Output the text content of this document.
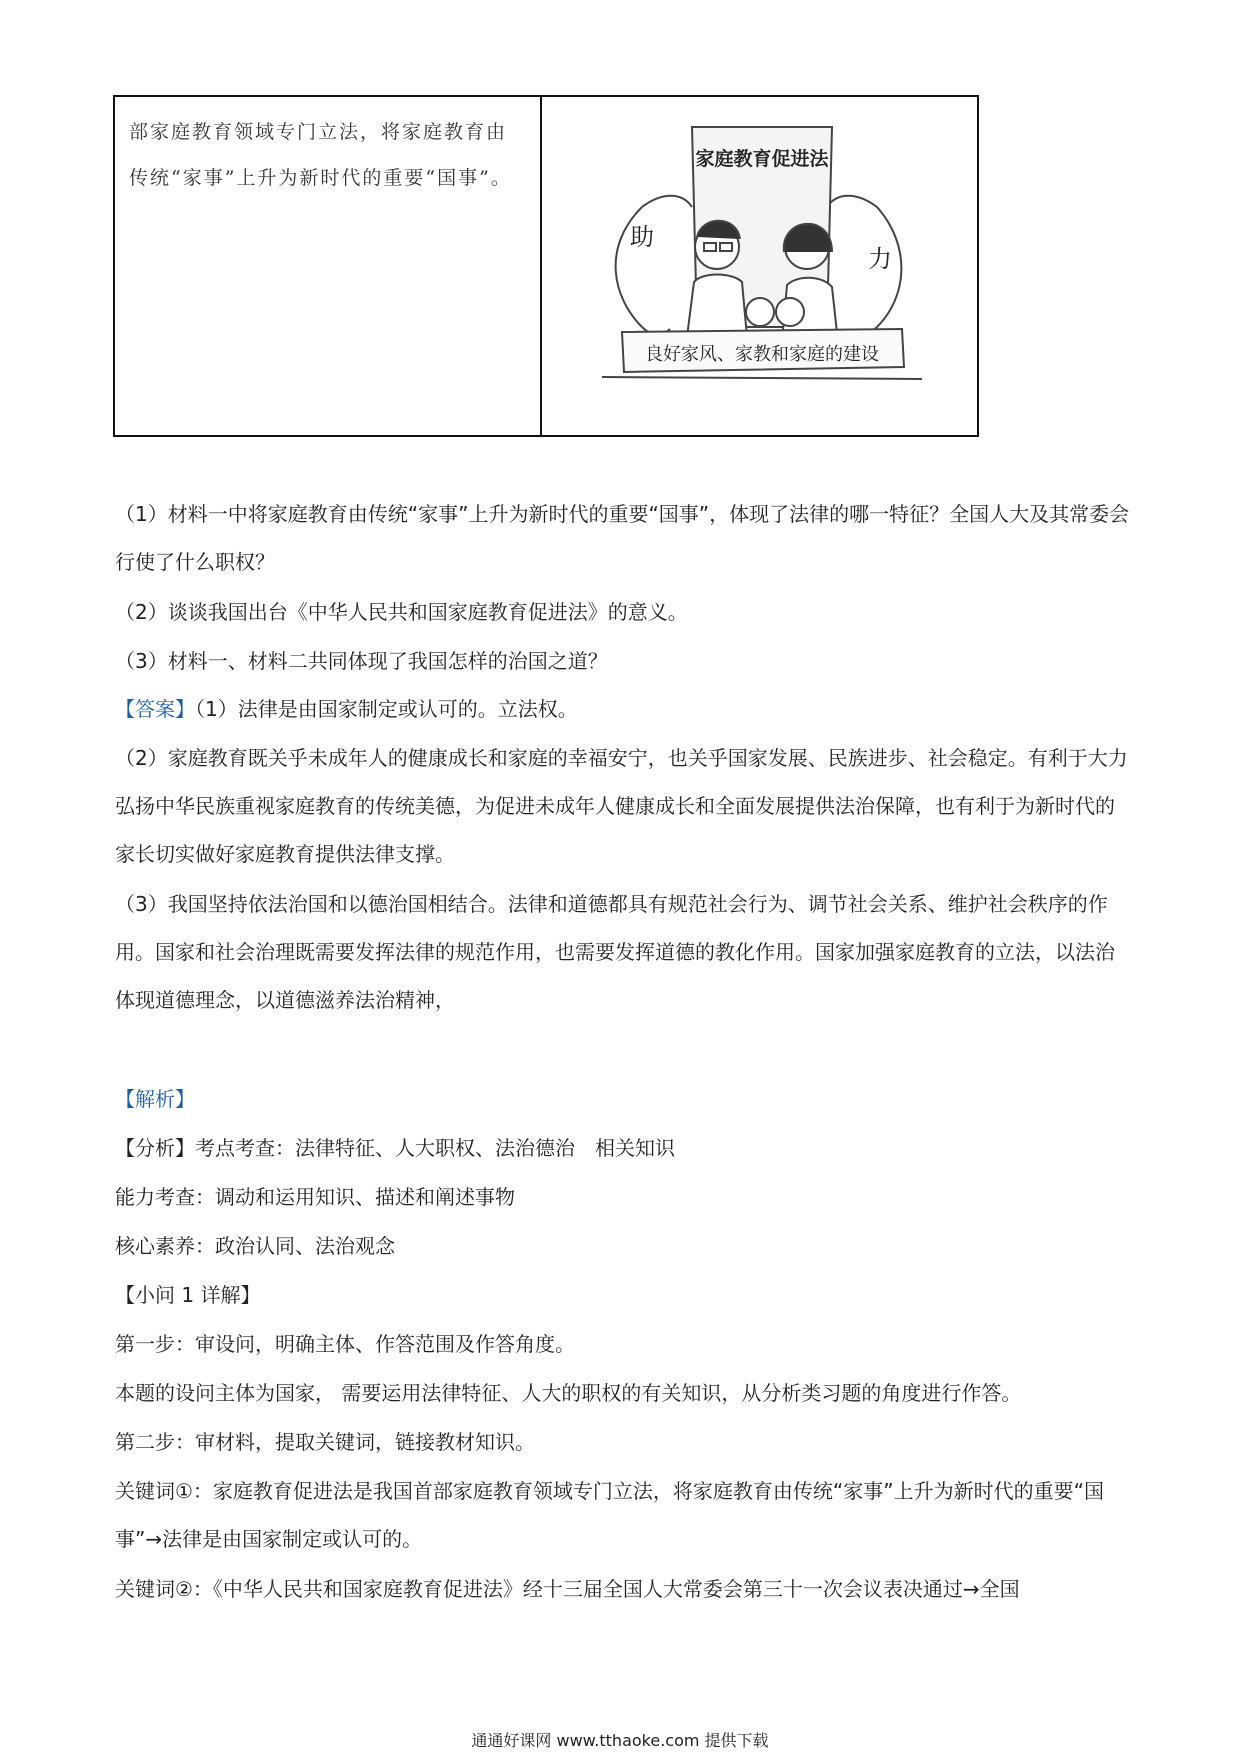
部家庭教育领域专门立法，将家庭教育由传统“家事”上升为新时代的重要“国事”。
家庭教育促进法
助
力
良好家风、家教和家庭的建设

（1）材料一中将家庭教育由传统“家事”上升为新时代的重要“国事”，体现了法律的哪一特征？全国人大及其常委会行使了什么职权？

（2）谈谈我国出台《中华人民共和国家庭教育促进法》的意义。

（3）材料一、材料二共同体现了我国怎样的治国之道？

【答案】（1）法律是由国家制定或认可的。立法权。

（2）家庭教育既关乎未成年人的健康成长和家庭的幸福安宁，也关乎国家发展、民族进步、社会稳定。有利于大力弘扬中华民族重视家庭教育的传统美德，为促进未成年人健康成长和全面发展提供法治保障，也有利于为新时代的家长切实做好家庭教育提供法律支撑。

（3）我国坚持依法治国和以德治国相结合。法律和道德都具有规范社会行为、调节社会关系、维护社会秩序的作用。国家和社会治理既需要发挥法律的规范作用，也需要发挥道德的教化作用。国家加强家庭教育的立法，以法治体现道德理念，以道德滋养法治精神，

【解析】

【分析】考点考查：法律特征、人大职权、法治德治　相关知识

能力考查：调动和运用知识、描述和阐述事物

核心素养：政治认同、法治观念

【小问 1 详解】

第一步：审设问，明确主体、作答范围及作答角度。

本题的设问主体为国家， 需要运用法律特征、人大的职权的有关知识，从分析类习题的角度进行作答。

第二步：审材料，提取关键词，链接教材知识。

关键词①：家庭教育促进法是我国首部家庭教育领域专门立法，将家庭教育由传统“家事”上升为新时代的重要“国事”→法律是由国家制定或认可的。

关键词②：《中华人民共和国家庭教育促进法》经十三届全国人大常委会第三十一次会议表决通过→全国

通通好课网 www.tthaoke.com 提供下载
